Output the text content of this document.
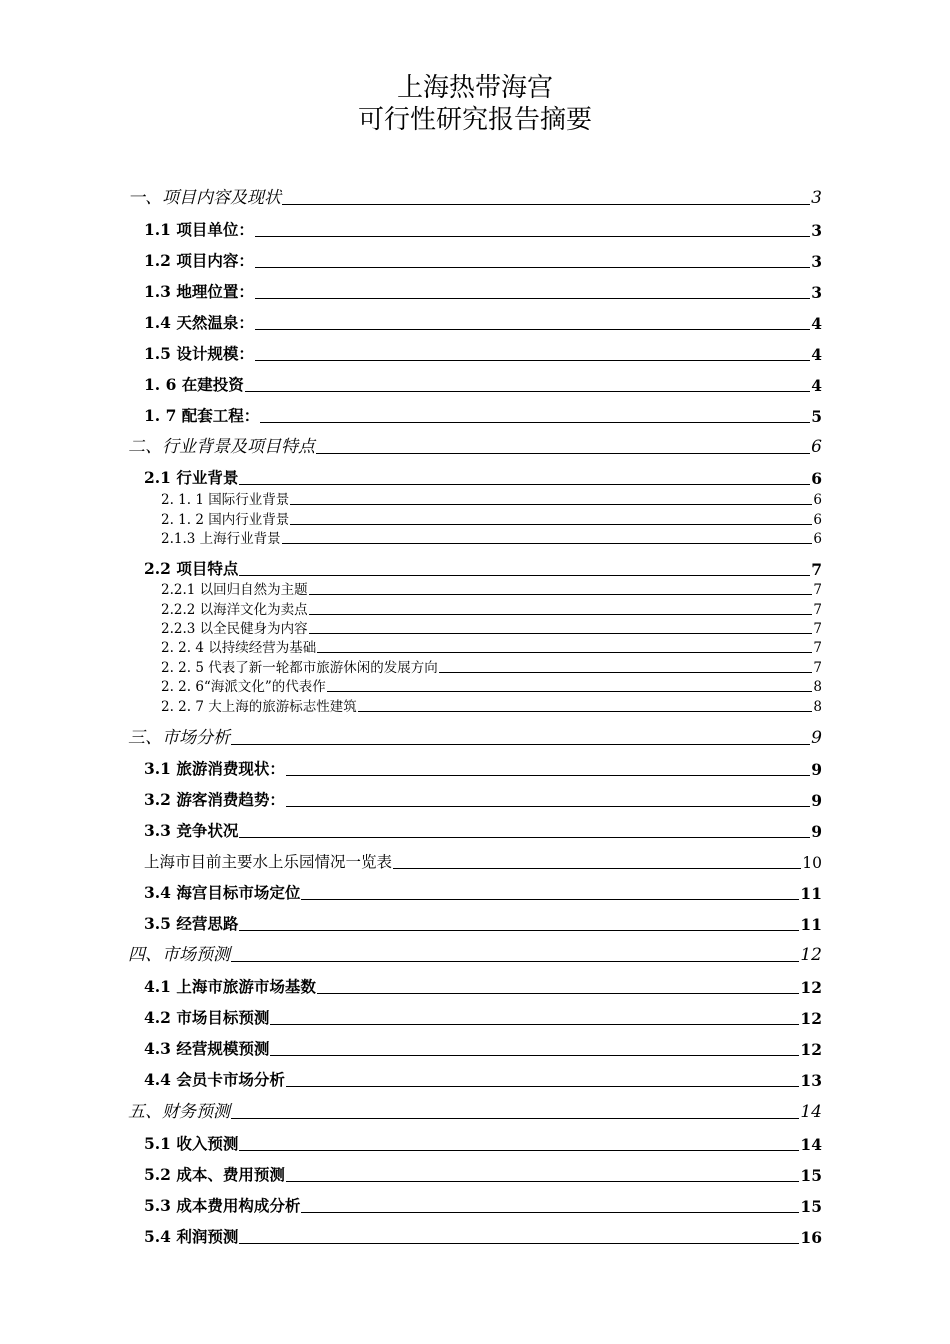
上海热带海宫
可行性研究报告摘要
一、项目内容及现状	3
1.1 项目单位：	3
1.2 项目内容：	3
1.3 地理位置：	3
1.4 天然温泉：	4
1.5 设计规模：	4
1. 6 在建投资	4
1. 7 配套工程：	5
二、行业背景及项目特点	6
2.1 行业背景	6
2. 1. 1 国际行业背景	6
2. 1. 2 国内行业背景	6
2.1.3 上海行业背景	6
2.2 项目特点	7
2.2.1 以回归自然为主题	7
2.2.2 以海洋文化为卖点	7
2.2.3 以全民健身为内容	7
2. 2. 4 以持续经营为基础	7
2. 2. 5 代表了新一轮都市旅游休闲的发展方向	7
2. 2. 6“海派文化”的代表作	8
2. 2. 7 大上海的旅游标志性建筑	8
三、市场分析	9
3.1 旅游消费现状：	9
3.2 游客消费趋势：	9
3.3 竞争状况	9
上海市目前主要水上乐园情况一览表	10
3.4 海宫目标市场定位	11
3.5 经营思路	11
四、市场预测	12
4.1 上海市旅游市场基数	12
4.2 市场目标预测	12
4.3 经营规模预测	12
4.4 会员卡市场分析	13
五、财务预测	14
5.1 收入预测	14
5.2 成本、费用预测	15
5.3 成本费用构成分析	15
5.4 利润预测	16
